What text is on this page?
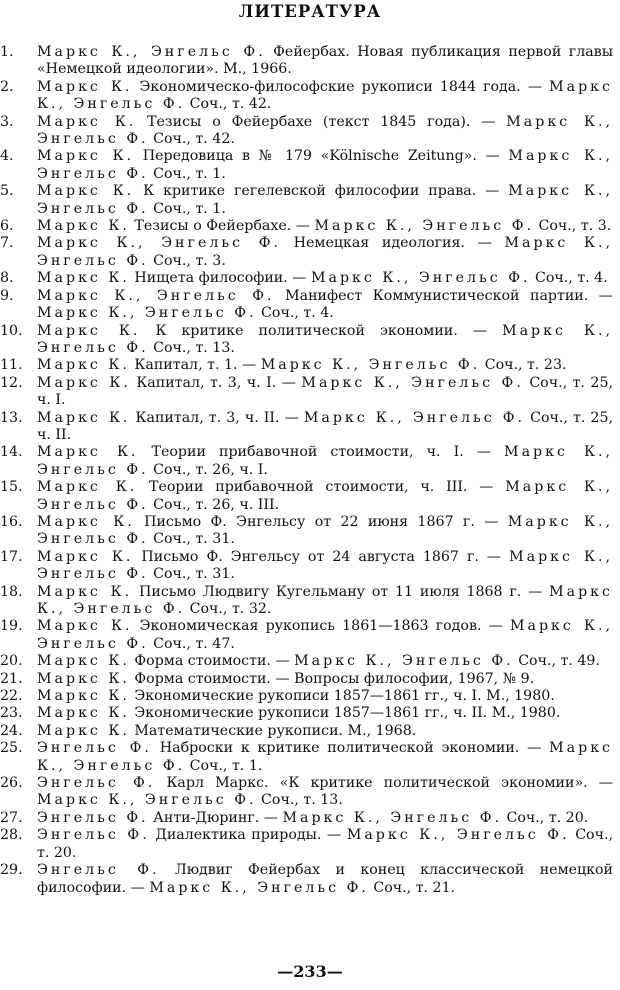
ЛИТЕРАТУРА
1 .	Маркс К., Энгельс Ф. Фейербах. Новая публикация первой главы «Немецкой идеологии». М., 1966.
2 .	Маркс К. Экономическо-философские рукописи 1844 года. — Маркс К., Энгельс Ф. Соч., т. 42.
3 .	Маркс К. Тезисы о Фейербахе (текст 1845 года). — Маркс К., Энгельс Ф. Соч., т. 42.
4 .	Маркс К. Передовица в № 179 «Kölnische Zeitung». — Маркс К., Энгельс Ф. Соч., т. 1.
5 .	Маркс К. К критике гегелевской философии права. — Маркс К., Энгельс Ф. Соч., т. 1.
6 .	Маркс К. Тезисы о Фейербахе. — Маркс К., Энгельс Ф. Соч., т. 3.
7 .	Маркс К., Энгельс Ф. Немецкая идеология. — Маркс К., Энгельс Ф. Соч., т. 3.
8 .	Маркс К. Нищета философии. — Маркс К., Энгельс Ф. Соч., т. 4.
9 .	Маркс К., Энгельс Ф. Манифест Коммунистической партии. — Маркс К., Энгельс Ф. Соч., т. 4.
10 .	Маркс К. К критике политической экономии. — Маркс К., Энгельс Ф. Соч., т. 13.
11 .	Маркс К. Капитал, т. 1. — Маркс К., Энгельс Ф. Соч., т. 23.
12 .	Маркс К. Капитал, т. 3, ч. I. — Маркс К., Энгельс Ф. Соч., т. 25, ч. I.
13 .	Маркс К. Капитал, т. 3, ч. II. — Маркс К., Энгельс Ф. Соч., т. 25, ч. II.
14 .	Маркс К. Теории прибавочной стоимости, ч. I. — Маркс К., Энгельс Ф. Соч., т. 26, ч. I.
15 .	Маркс К. Теории прибавочной стоимости, ч. III. — Маркс К., Энгельс Ф. Соч., т. 26, ч. III.
16 .	Маркс К. Письмо Ф. Энгельсу от 22 июня 1867 г. — Маркс К., Энгельс Ф. Соч., т. 31.
17 .	Маркс К. Письмо Ф. Энгельсу от 24 августа 1867 г. — Маркс К., Энгельс Ф. Соч., т. 31.
18 .	Маркс К. Письмо Людвигу Кугельману от 11 июля 1868 г. — Маркс К., Энгельс Ф. Соч., т. 32.
19 .	Маркс К. Экономическая рукопись 1861—1863 годов. — Маркс К., Энгельс Ф. Соч., т. 47.
20 .	Маркс К. Форма стоимости. — Маркс К., Энгельс Ф. Соч., т. 49.
21 .	Маркс К. Форма стоимости. — Вопросы философии, 1967, № 9.
22 .	Маркс К. Экономические рукописи 1857—1861 гг., ч. I. М., 1980.
23 .	Маркс К. Экономические рукописи 1857—1861 гг., ч. II. М., 1980.
24 .	Маркс К. Математические рукописи. М., 1968.
25 .	Энгельс Ф. Наброски к критике политической экономии. — Маркс К., Энгельс Ф. Соч., т. 1.
26 .	Энгельс Ф. Карл Маркс. «К критике политической экономии». — Маркс К., Энгельс Ф. Соч., т. 13.
27 .	Энгельс Ф. Анти-Дюринг. — Маркс К., Энгельс Ф. Соч., т. 20.
28 .	Энгельс Ф. Диалектика природы. — Маркс К., Энгельс Ф. Соч., т. 20.
29 .	Энгельс Ф. Людвиг Фейербах и конец классической немецкой философии. — Маркс К., Энгельс Ф. Соч., т. 21.
—233—
